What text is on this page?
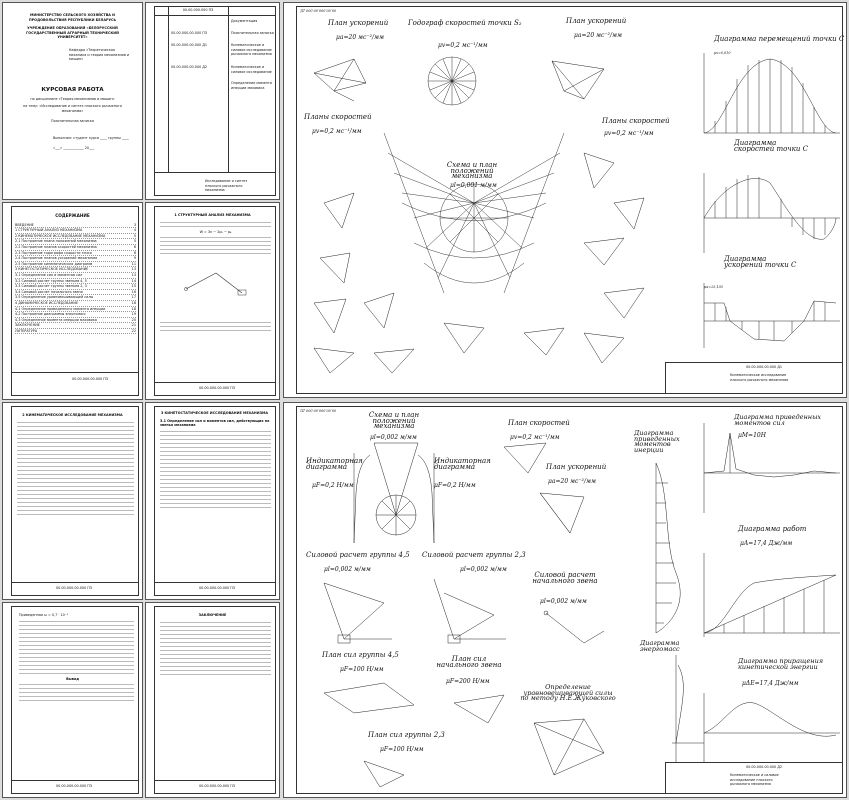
МИНИСТЕРСТВО СЕЛЬСКОГО ХОЗЯЙСТВА И ПРОДОВОЛЬСТВИЯ РЕСПУБЛИКИ БЕЛАРУСЬ
УЧРЕЖДЕНИЕ ОБРАЗОВАНИЯ «БЕЛОРУССКИЙ ГОСУДАРСТВЕННЫЙ АГРАРНЫЙ ТЕХНИЧЕСКИЙ УНИВЕРСИТЕТ»
Кафедра «Теоретическая механика и теория механизмов и машин»
КУРСОВАЯ РАБОТА
по дисциплине «Теория механизмов и машин»
на тему: «Исследование и синтез плоского рычажного механизма»
Пояснительная записка
Выполнил: студент курса ____ группы ____
«___» ____________ 20___
00.00.000.000 ПЗ
Документация
00.00.000.00.000 ПЗ	Пояснительная записка
00.00.000.00.000 Д1	Кинематическое и силовое исследование рычажного механизма
00.00.000.00.000 Д2	Кинематическое и силовое исследование
Определение момента инерции маховика
Исследование и синтез плоского рычажного механизма
СОДЕРЖАНИЕ
ВВЕДЕНИЕ	3
1 СТРУКТУРНЫЙ АНАЛИЗ МЕХАНИЗМА	4
2 КИНЕМАТИЧЕСКОЕ ИССЛЕДОВАНИЕ МЕХАНИЗМА	5
2.1 Построение плана положений механизма	5
2.2 Построение планов скоростей механизма	6
2.3 Построение годографа скорости точки	8
2.4 Построение планов ускорений механизма	9
2.5 Построение кинематических диаграмм	11
3 КИНЕТОСТАТИЧЕСКОЕ ИССЛЕДОВАНИЕ	13
3.1 Определение сил и моментов сил	13
3.2 Силовой расчет группы звеньев 4, 5	14
3.3 Силовой расчет группы звеньев 2, 3	15
3.4 Силовой расчет начального звена	16
3.5 Определение уравновешивающей силы	17
4 ДИНАМИЧЕСКОЕ ИССЛЕДОВАНИЕ	18
4.1 Определение приведенного момента инерции	18
4.2 Построение диаграммы энергомасс	19
4.3 Определение момента инерции маховика	20
ЗАКЛЮЧЕНИЕ	21
ЛИТЕРАТУРА	22
00.00.000.00.000 ПЗ
1 СТРУКТУРНЫЙ АНАЛИЗ МЕХАНИЗМА
W = 3n − 2p₅ − p₄
00.00.000.00.000 ПЗ
2 КИНЕМАТИЧЕСКОЕ ИССЛЕДОВАНИЕ МЕХАНИЗМА
00.00.000.00.000 ПЗ
3 КИНЕТОСТАТИЧЕСКОЕ ИССЛЕДОВАНИЕ МЕХАНИЗМА
3.1 Определение сил и моментов сил, действующих на звенья механизма
00.00.000.00.000 ПЗ
Приведенная ω = 0,7 · 10⁻³
Вывод
00.00.000.00.000 ПЗ
ЗАКЛЮЧЕНИЕ
00.00.000.00.000 ПЗ
00.00.000.00.000 Д1
План ускорений
μa=20 мс⁻²/мм
Годограф скоростей точки S₂
μv=0,2 мс⁻¹/мм
План ускорений
μa=20 мс⁻²/мм	Диаграмма перемещений точки С
μs=0,010
Планы скоростей
μv=0,2 мс⁻¹/мм
Планы скоростей
μv=0,2 мс⁻¹/мм
Схема и план положений механизма
μl=0,001 м/мм
Диаграмма скоростей точки С
Диаграмма ускорений точки С
μa=25,105
00.00.000.00.000 Д1
Кинематическое исследование плоского рычажного механизма
00.00.000.00.000 Д2
Схема и план положений механизма
μl=0,002 м/мм
План скоростей
μv=0,2 мс⁻¹/мм
Индикаторная диаграмма
μF=0,2 Н/мм
Индикаторная диаграмма
μF=0,2 Н/мм
План ускорений
μa=20 мс⁻²/мм
Силовой расчет группы 4,5
μl=0,002 м/мм
Силовой расчет группы 2,3
μl=0,002 м/мм
Силовой расчет начального звена
μl=0,002 м/мм
План сил группы 4,5
μF=100 Н/мм
План сил начального звена
μF=200 Н/мм
План сил группы 2,3
μF=100 Н/мм
Определение уравновешивающей силы по методу Н.Е.Жуковского
Диаграмма приведенных моментов инерции
Диаграмма приведенных моментов сил
μM=10Н
Диаграмма работ
μA=17,4 Дж/мм
Диаграмма энергомасс
Диаграмма приращения кинетической энергии
μΔE=17,4 Дж/мм
00.00.000.00.000 Д2
Кинематическое и силовое исследование плоского рычажного механизма
